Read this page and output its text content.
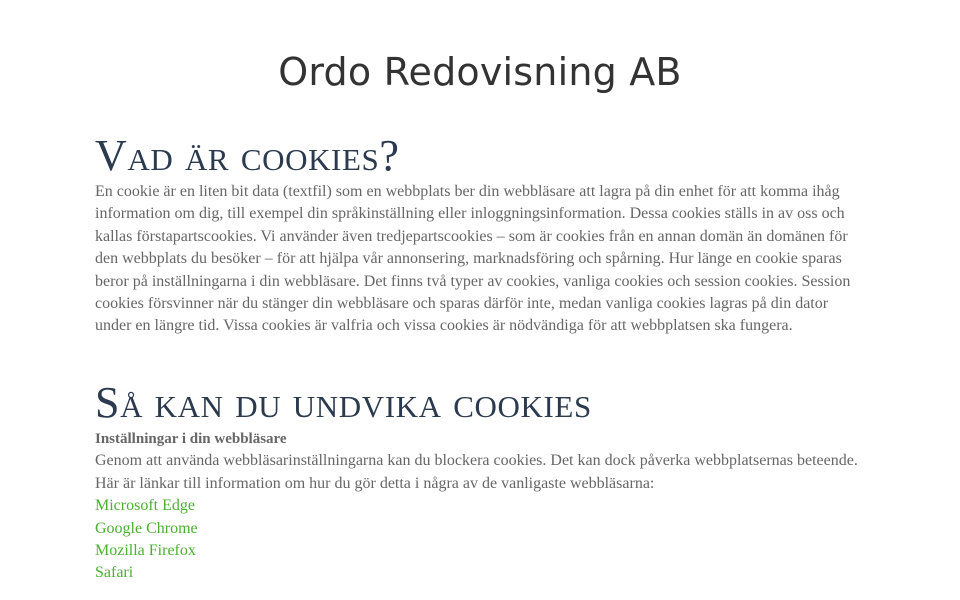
Ordo Redovisning AB
Vad är cookies?

En cookie är en liten bit data (textfil) som en webbplats ber din webbläsare att lagra på din enhet för att komma ihåg information om dig, till exempel din språkinställning eller inloggningsinformation. Dessa cookies ställs in av oss och kallas förstapartscookies. Vi använder även tredjepartscookies – som är cookies från en annan domän än domänen för den webbplats du besöker – för att hjälpa vår annonsering, marknadsföring och spårning. Hur länge en cookie sparas beror på inställningarna i din webbläsare. Det finns två typer av cookies, vanliga cookies och session cookies. Session cookies försvinner när du stänger din webbläsare och sparas därför inte, medan vanliga cookies lagras på din dator under en längre tid. Vissa cookies är valfria och vissa cookies är nödvändiga för att webbplatsen ska fungera.

Så kan du undvika cookies
Inställningar i din webbläsare

Genom att använda webbläsarinställningarna kan du blockera cookies. Det kan dock påverka webbplatsernas beteende. Här är länkar till information om hur du gör detta i några av de vanligaste webbläsarna:

Microsoft Edge
Google Chrome
Mozilla Firefox
Safari
